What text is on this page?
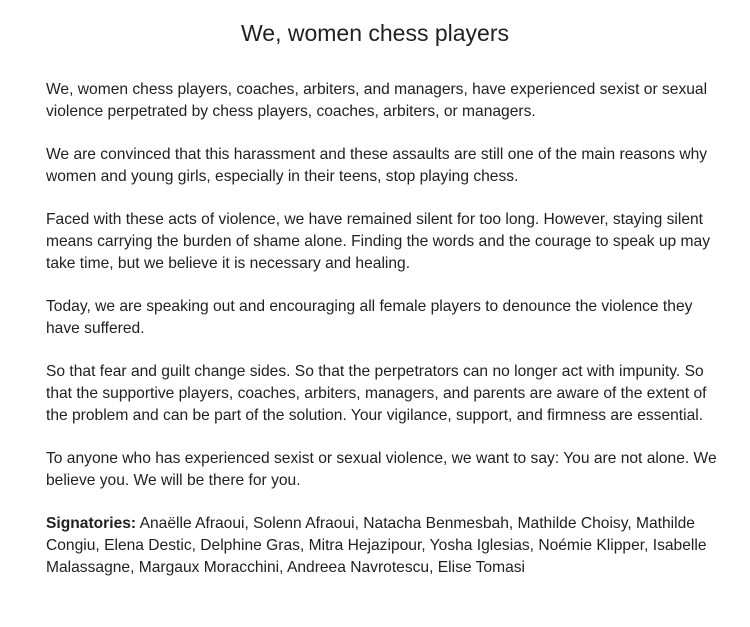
We, women chess players

We, women chess players, coaches, arbiters, and managers, have experienced sexist or sexual violence perpetrated by chess players, coaches, arbiters, or managers.

We are convinced that this harassment and these assaults are still one of the main reasons why women and young girls, especially in their teens, stop playing chess.

Faced with these acts of violence, we have remained silent for too long. However, staying silent means carrying the burden of shame alone. Finding the words and the courage to speak up may take time, but we believe it is necessary and healing.

Today, we are speaking out and encouraging all female players to denounce the violence they have suffered.

So that fear and guilt change sides. So that the perpetrators can no longer act with impunity. So that the supportive players, coaches, arbiters, managers, and parents are aware of the extent of the problem and can be part of the solution. Your vigilance, support, and firmness are essential.

To anyone who has experienced sexist or sexual violence, we want to say: You are not alone. We believe you. We will be there for you.

Signatories: Anaëlle Afraoui, Solenn Afraoui, Natacha Benmesbah, Mathilde Choisy, Mathilde Congiu, Elena Destic, Delphine Gras, Mitra Hejazipour, Yosha Iglesias, Noémie Klipper, Isabelle Malassagne, Margaux Moracchini, Andreea Navrotescu, Elise Tomasi
